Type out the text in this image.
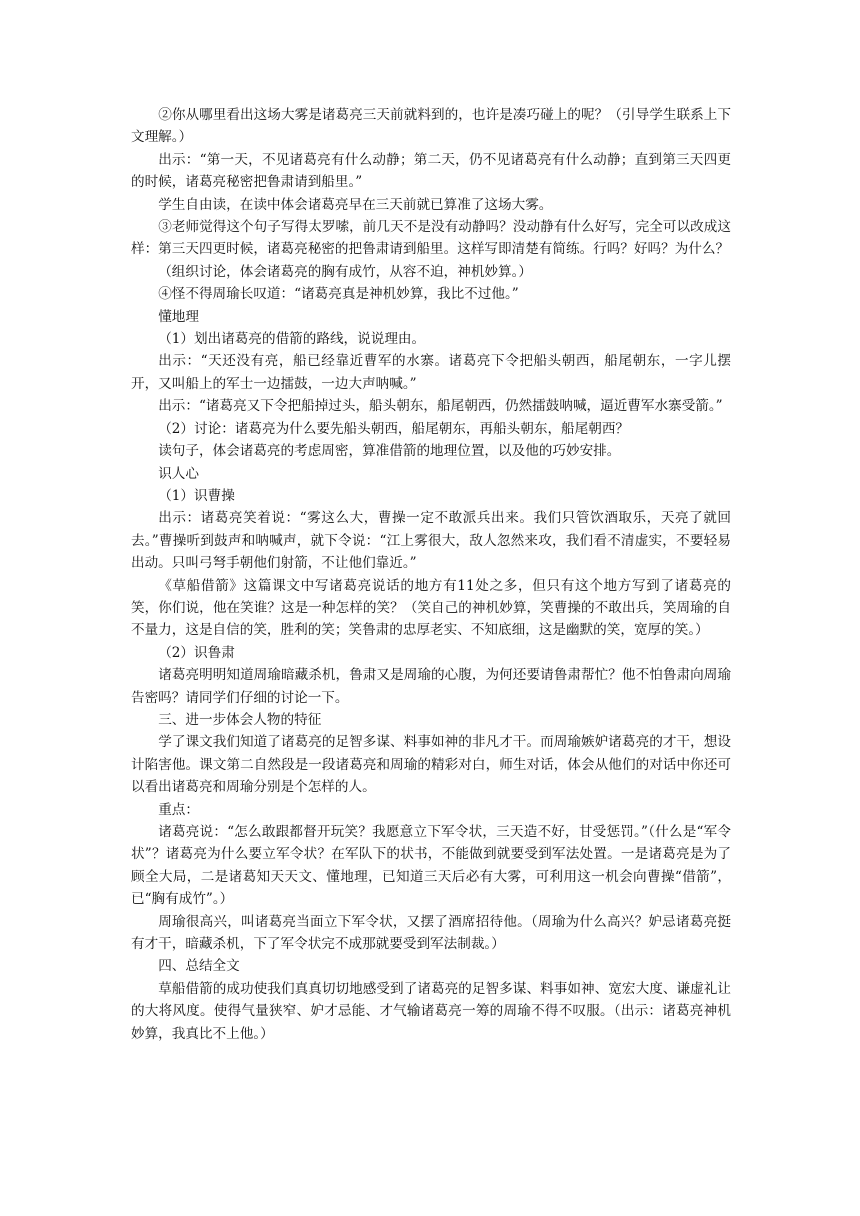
②你从哪里看出这场大雾是诸葛亮三天前就料到的，也许是凑巧碰上的呢？（引导学生联系上下文理解。）

出示：“第一天，不见诸葛亮有什么动静；第二天，仍不见诸葛亮有什么动静；直到第三天四更的时候，诸葛亮秘密把鲁肃请到船里。”

学生自由读，在读中体会诸葛亮早在三天前就已算准了这场大雾。

③老师觉得这个句子写得太罗嗦，前几天不是没有动静吗？没动静有什么好写，完全可以改成这样：第三天四更时候，诸葛亮秘密的把鲁肃请到船里。这样写即清楚有简练。行吗？好吗？为什么？

（组织讨论，体会诸葛亮的胸有成竹，从容不迫，神机妙算。）

④怪不得周瑜长叹道：“诸葛亮真是神机妙算，我比不过他。”

懂地理

（1）划出诸葛亮的借箭的路线，说说理由。

出示：“天还没有亮，船已经靠近曹军的水寨。诸葛亮下令把船头朝西，船尾朝东，一字儿摆开，又叫船上的军士一边擂鼓，一边大声呐喊。”

出示：“诸葛亮又下令把船掉过头，船头朝东，船尾朝西，仍然擂鼓呐喊，逼近曹军水寨受箭。”

（2）讨论：诸葛亮为什么要先船头朝西，船尾朝东，再船头朝东，船尾朝西？

读句子，体会诸葛亮的考虑周密，算准借箭的地理位置，以及他的巧妙安排。

识人心

（1）识曹操

出示：诸葛亮笑着说：“雾这么大，曹操一定不敢派兵出来。我们只管饮酒取乐，天亮了就回去。”曹操听到鼓声和呐喊声，就下令说：“江上雾很大，敌人忽然来攻，我们看不清虚实，不要轻易出动。只叫弓弩手朝他们射箭，不让他们靠近。”

《草船借箭》这篇课文中写诸葛亮说话的地方有11处之多，但只有这个地方写到了诸葛亮的笑，你们说，他在笑谁？这是一种怎样的笑？（笑自己的神机妙算，笑曹操的不敢出兵，笑周瑜的自不量力，这是自信的笑，胜利的笑；笑鲁肃的忠厚老实、不知底细，这是幽默的笑，宽厚的笑。）

（2）识鲁肃

诸葛亮明明知道周瑜暗藏杀机，鲁肃又是周瑜的心腹，为何还要请鲁肃帮忙？他不怕鲁肃向周瑜告密吗？请同学们仔细的讨论一下。

三、进一步体会人物的特征

学了课文我们知道了诸葛亮的足智多谋、料事如神的非凡才干。而周瑜嫉妒诸葛亮的才干，想设计陷害他。课文第二自然段是一段诸葛亮和周瑜的精彩对白，师生对话，体会从他们的对话中你还可以看出诸葛亮和周瑜分别是个怎样的人。

重点：

诸葛亮说：“怎么敢跟都督开玩笑？我愿意立下军令状，三天造不好，甘受惩罚。”（什么是“军令状”？诸葛亮为什么要立军令状？在军队下的状书，不能做到就要受到军法处置。一是诸葛亮是为了顾全大局，二是诸葛知天天文、懂地理，已知道三天后必有大雾，可利用这一机会向曹操“借箭”，已“胸有成竹”。）

周瑜很高兴，叫诸葛亮当面立下军令状，又摆了酒席招待他。（周瑜为什么高兴？妒忌诸葛亮挺有才干，暗藏杀机，下了军令状完不成那就要受到军法制裁。）

四、总结全文

草船借箭的成功使我们真真切切地感受到了诸葛亮的足智多谋、料事如神、宽宏大度、谦虚礼让的大将风度。使得气量狭窄、妒才忌能、才气输诸葛亮一筹的周瑜不得不叹服。（出示：诸葛亮神机妙算，我真比不上他。）
